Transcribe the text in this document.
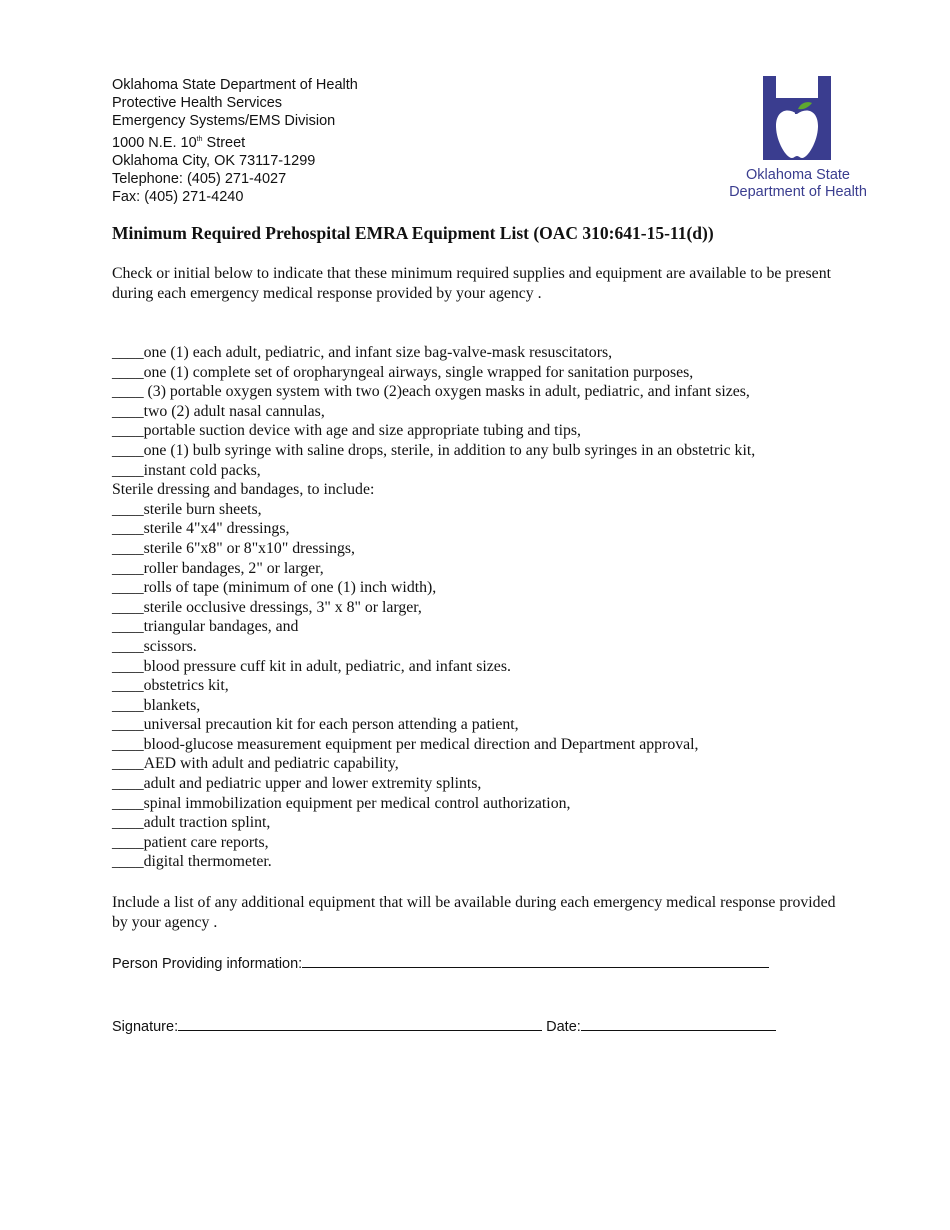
Oklahoma State Department of Health
Protective Health Services
Emergency Systems/EMS Division
1000 N.E. 10th Street
Oklahoma City, OK 73117-1299
Telephone: (405) 271-4027
Fax: (405) 271-4240
Oklahoma State
Department of Health
Minimum Required Prehospital EMRA Equipment List (OAC 310:641-15-11(d))
Check or initial below to indicate that these minimum required supplies and equipment are available to be present during each emergency medical response provided by your agency .
____one (1) each adult, pediatric, and infant size bag-valve-mask resuscitators,
____one (1) complete set of oropharyngeal airways, single wrapped for sanitation purposes,
____ (3) portable oxygen system with two (2)each oxygen masks in adult, pediatric, and infant sizes,
____two (2) adult nasal cannulas,
____portable suction device with age and size appropriate tubing and tips,
____one (1) bulb syringe with saline drops, sterile, in addition to any bulb syringes in an obstetric kit,
____instant cold packs,
Sterile dressing and bandages, to include:
____sterile burn sheets,
____sterile 4"x4" dressings,
____sterile 6"x8" or 8"x10" dressings,
____roller bandages, 2" or larger,
____rolls of tape (minimum of one (1) inch width),
____sterile occlusive dressings, 3" x 8" or larger,
____triangular bandages, and
____scissors.
____blood pressure cuff kit in adult, pediatric, and infant sizes.
____obstetrics kit,
____blankets,
____universal precaution kit for each person attending a patient,
____blood-glucose measurement equipment per medical direction and Department approval,
____AED with adult and pediatric capability,
____adult and pediatric upper and lower extremity splints,
____spinal immobilization equipment per medical control authorization,
____adult traction splint,
____patient care reports,
____digital thermometer.
Include a list of any additional equipment that will be available during each emergency medical response provided by your agency .
Person Providing information:
Signature:	Date:
